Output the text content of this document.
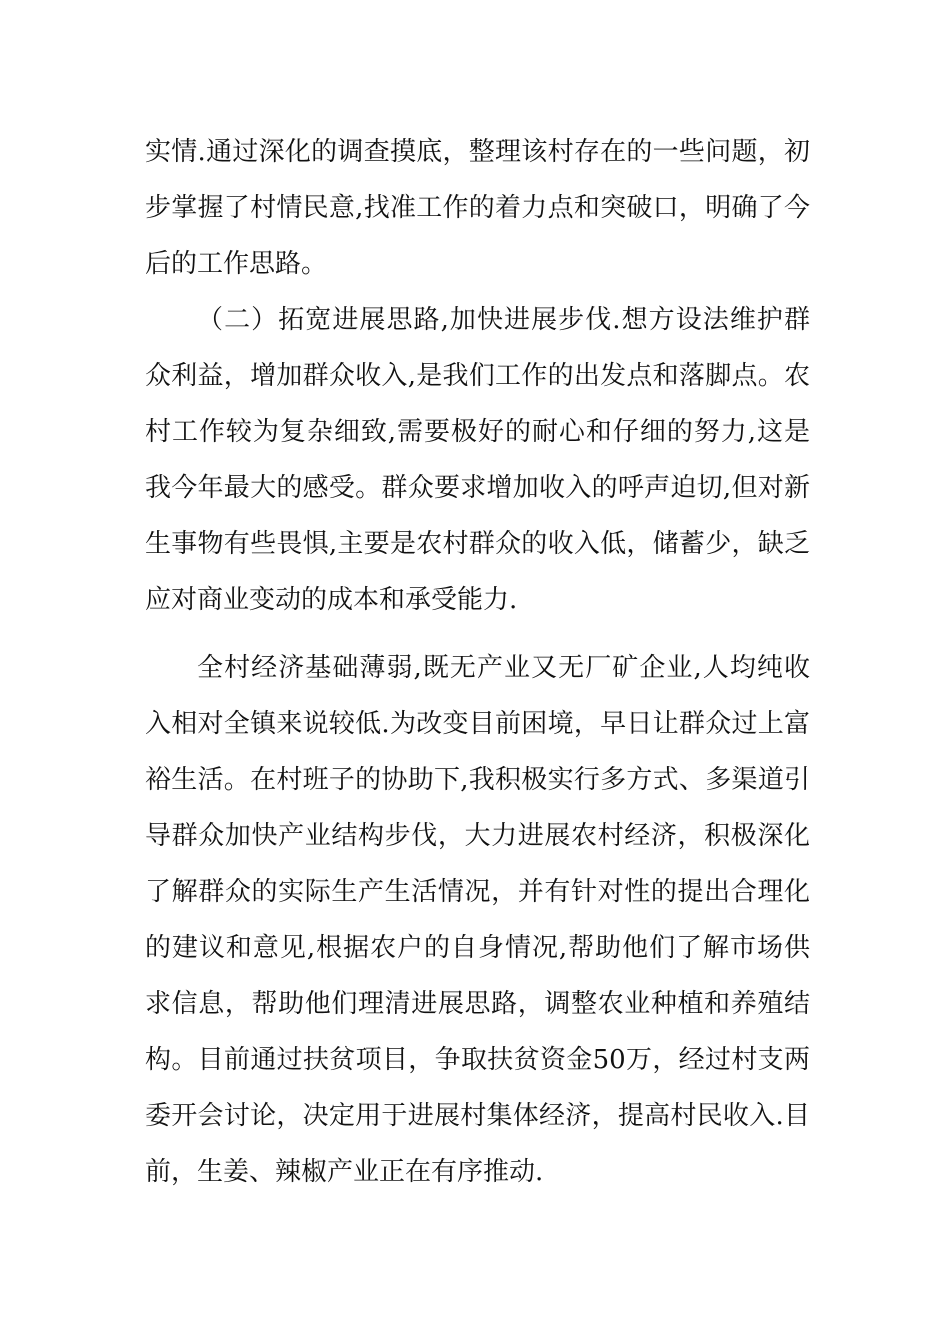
实情.通过深化的调查摸底，整理该村存在的一些问题，初
步掌握了村情民意,找准工作的着力点和突破口，明确了今
后的工作思路。
（二）拓宽进展思路,加快进展步伐.想方设法维护群
众利益，增加群众收入,是我们工作的出发点和落脚点。农
村工作较为复杂细致,需要极好的耐心和仔细的努力,这是
我今年最大的感受。群众要求增加收入的呼声迫切,但对新
生事物有些畏惧,主要是农村群众的收入低，储蓄少，缺乏
应对商业变动的成本和承受能力.
全村经济基础薄弱,既无产业又无厂矿企业,人均纯收
入相对全镇来说较低.为改变目前困境，早日让群众过上富
裕生活。在村班子的协助下,我积极实行多方式、多渠道引
导群众加快产业结构步伐，大力进展农村经济，积极深化
了解群众的实际生产生活情况，并有针对性的提出合理化
的建议和意见,根据农户的自身情况,帮助他们了解市场供
求信息，帮助他们理清进展思路，调整农业种植和养殖结
构。目前通过扶贫项目，争取扶贫资金50万，经过村支两
委开会讨论，决定用于进展村集体经济，提高村民收入.目
前，生姜、辣椒产业正在有序推动.
